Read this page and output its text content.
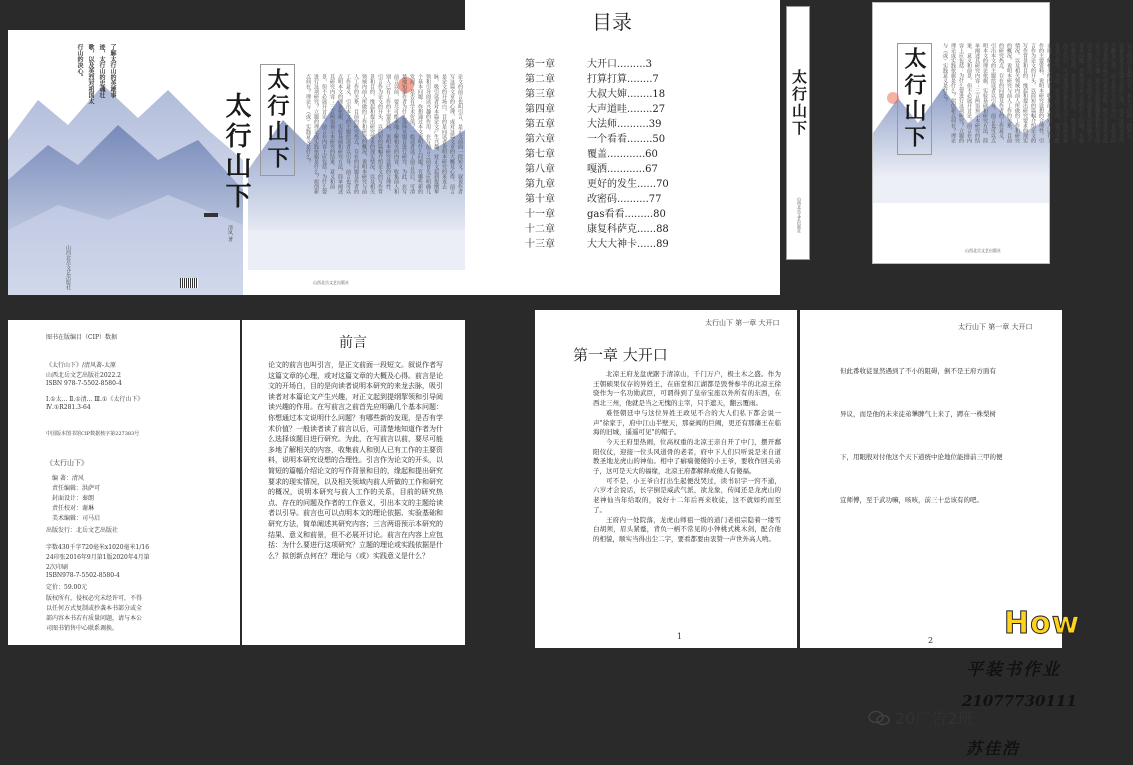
了解太行山的英雄事迹，太行山的忠魂壮歌，以及英烈对祖国太行山的决心。
太行山下 太行山下	论文的前言也叫引言，是正文前面一段短文。叙说作者写这篇文章的心理，或对这篇文章的大概及心得。前言是论文的开场白，目的是向读者说明本研究的来龙去脉，吸引读者对本篇论文产生兴趣，对正文起到提纲挈领和引导阅读兴趣的作用。在写前言之前首先应明确几个基本问题：你想通过本文说明什么问题？有哪些新的发现，是否有学术价值？一般读者读了前言以后，可清楚地知道作者为什么选择该题目进行研究。为此，在写前言以前，要尽可能多地了解相关的内容，收集前人和别人已有工作的主要资料，说明本研究设想的合理性。引言作为论文的开头，以简短的篇幅介绍论文的写作背景和目的，缘起和提出研究要求的现实情况，以及相关领域内前人所做的工作和研究的概况，说明本研究与前人工作的关系，目前的研究热点、存在的问题及作者的工作意义，引出本文的主题给读者以引导。前言也可以点明本文的理论依据、实验基础和研究方法，简单阐述其研究内容；三言两语预示本研究的结果、意义和前景，但不必展开讨论。前言在内容上应包括：为什么要进行这项研究？立题的理论或实践依据是什么？拟创新点何在？理论与（或）实践意义是什么？
清风 著
山西北岳文艺出版社	山西北岳文艺出版社
目录
第一章	大开口.........3
第二章	打算打算........7
第三章	大叔大婶........18
第四章	大声道哇........27
第五章	大法师..........39
第六章	一个看看........50
第七章	覆盖............60
第八章	嘎洒............67
第九章	更好的发生......70
第十章	改密码..........77
十一章	gas看看.........80
十二章	康复科萨克......88
十三章	大大大神卡......89
太行山下
山西北岳文艺出版社
太行山下	论文的前言也叫引言，是正文前面一段短文。叙说作者写这篇文章的心理，或对这篇文章的大概及心得。前言是论文的开场白，目的是向读者说明本研究的来龙去脉，吸引读者对本篇论文产生兴趣，对正文起到提纲挈领和引导阅读兴趣的作用。在写前言之前首先应明确几个基本问题：你想通过本文说明什么问题？有哪些新的发现，是否有学术价值？一般读者读了前言以后，可清楚地知道作者为什么选择该题目进行研究。为此，在写前言以前，要尽可能多地了解相关的内容，收集前人和别人已有工作的主要资料，说明本研究设想的合理性。引言作为论文的开头，以简短的篇幅介绍论文的写作背景和目的，缘起和提出研究要求的现实情况，以及相关领域内前人所做的工作和研究的概况，说明本研究与前人工作的关系，目前的研究热点、存在的问题及作者的工作意义，引出本文的主题给读者以引导。前言也可以点明本文的理论依据、实验基础和研究方法，简单阐述其研究内容；三言两语预示本研究的结果、意义和前景，但不必展开讨论。前言在内容上应包括：为什么要进行这项研究？立题的理论或实践依据是什么？拟创新点何在？理论与（或）实践意义是什么？
山西北岳文艺出版社
图书在版编目（CIP）数据
《太行山下》/清风著-太原
山西北岳文艺出版社2022.2
ISBN 978-7-5502-8580-4
Ⅰ.①太... Ⅱ.①清... Ⅲ.①《太行山下》
Ⅳ.①R281.3-64
中国版本图书馆CIP数据核字第227383号
《太行山下》
编 著：清风
责任编辑：洪萨可
封面设计：秦朗
责任校对：谢琳
美术编辑：司马启
出版发行：北岳文艺出版社
字数430千字720毫米x1020毫米1/16
24印张2016年9月第1版2020年4月第
2次印刷
ISBN978-7-5502-8580-4
定价：59.00元
版权所有，侵权必究未经许可，不得
以任何方式复制或抄袭本书部分或全
部内容本书若有质量问题，请与本公
司图书销售中心联系调换。
前言
论文的前言也叫引言，是正文前面一段短文。叙说作者写这篇文章的心理，或对这篇文章的大概及心得。前言是论文的开场白，目的是向读者说明本研究的来龙去脉，吸引读者对本篇论文产生兴趣，对正文起到提纲挈领和引导阅读兴趣的作用。在写前言之前首先应明确几个基本问题：你想通过本文说明什么问题？有哪些新的发现，是否有学术价值？一般读者读了前言以后，可清楚地知道作者为什么选择该题目进行研究。为此，在写前言以前，要尽可能多地了解相关的内容，收集前人和别人已有工作的主要资料，说明本研究设想的合理性。引言作为论文的开头，以简短的篇幅介绍论文的写作背景和目的，缘起和提出研究要求的现实情况，以及相关领域内前人所做的工作和研究的概况，说明本研究与前人工作的关系，目前的研究热点、存在的问题及作者的工作意义，引出本文的主题给读者以引导。前言也可以点明本文的理论依据、实验基础和研究方法，简单阐述其研究内容；三言两语预示本研究的结果、意义和前景，但不必展开讨论。前言在内容上应包括：为什么要进行这项研究？立题的理论或实践依据是什么？拟创新点何在？理论与（或）实践意义是什么？
太行山下 第一章 大开口
第一章 大开口

北凉王府龙盘虎踞于清凉山，千门万户，极土木之盛。作为王朝硕果仅存的异姓王，在庙堂和江湖都是毁誉参半的北凉王徐骁作为一名功勋武臣，可谓得到了皇帝宝座以外所有的东西，在西北三州，他就是当之无愧的主宰，只手遮天，翻云覆雨。

难怪朝廷中与这位异姓王政见不合的大人们私下都会说一声"徐家于，府中江山半壁天，那豪阀的巨阙，更还有那藩王在临海的旧城，遥遥可见"的帽子。

今天王府里热闹，位高权重的北凉王亲自开了中门，摆开鄱阳仪仗，迎接一位头风道骨的老者，府中下人们只听说是来自道教圣地龙虎山的神仙。相中了癖痫傻傻的小王爷，要收作回关弟子，这可是天大的福缘，北凉王府都解释成傻人有傻福。

可不是，小王爷自打出生起便没哭过，读书识字一窍不通，六岁才会说话，长字倒是威武气派，欲龙象，传闻还是龙虎山的老神仙当年给取的，说好十二年后再来收徒，这不就如约而至了。

王府内一处院落，龙虎山师祖一级的道门老祖宗隐着一缕雪白胡须，眉头紧蹙，背负一柄不常见的小钟桃式桃木剑，配合他的相貌，顺实当得出尘二字，要看都要由衷赞一声世外高人哟。

1
太行山下 第一章 大开口
但此番收徒显然遇到了不小的阻碍，倒不是王府方面有
异议，而是他的未来徒弟犟脾气上来了，蹲在一株梨树
下，用眼殷对付他这个天下道统中论地位能排前三甲的便
宜师傅，至于武功嘛，咳咳，前三十总该有的吧。
2 How
平装书作业
21077730111
苏佳浩
20广告2班
